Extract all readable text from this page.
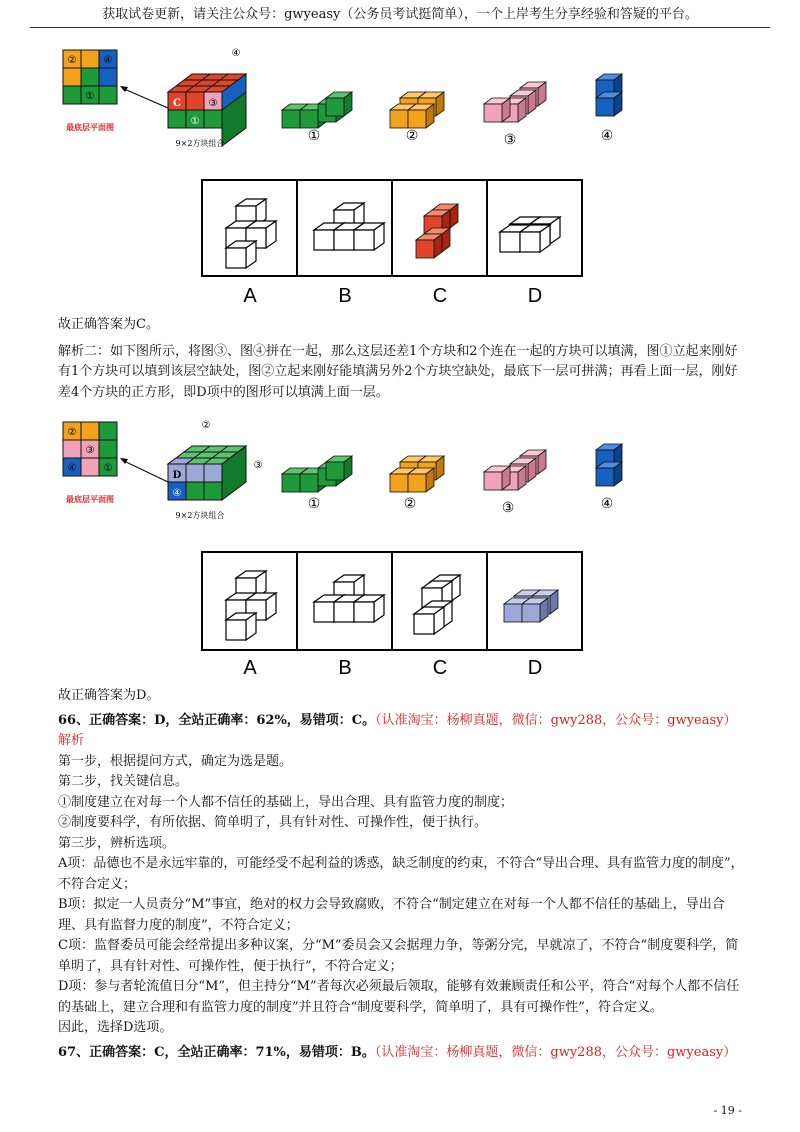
获取试卷更新，请关注公众号：gwyeasy（公务员考试挺简单），一个上岸考生分享经验和答疑的平台。
②	④
①
最底层平面图
④
C	③
①
9×2方块组合	①	②	③	④
A	B	C	D

故正确答案为C。

解析二：如下图所示，将图③、图④拼在一起，那么这层还差1个方块和2个连在一起的方块可以填满，图①立起来刚好有1个方块可以填到该层空缺处，图②立起来刚好能填满另外2个方块空缺处，最底下一层可拼满；再看上面一层，刚好差4个方块的正方形，即D项中的图形可以填满上面一层。

②
③
④	①
最底层平面图
②
③
D
④
9×2方块组合
①	②	③	④
A	B	C	D

故正确答案为D。

66、正确答案：D，全站正确率：62%，易错项：C。（认准淘宝：杨柳真题，微信：gwy288，公众号：gwyeasy）

解析

第一步，根据提问方式，确定为选是题。

第二步，找关键信息。

①制度建立在对每一个人都不信任的基础上，导出合理、具有监管力度的制度；

②制度要科学，有所依据、简单明了，具有针对性、可操作性，便于执行。

第三步，辨析选项。

A项：品德也不是永远牢靠的，可能经受不起利益的诱惑，缺乏制度的约束，不符合“导出合理、具有监管力度的制度”，不符合定义；

B项：拟定一人员责分“M”事宜，绝对的权力会导致腐败，不符合“制定建立在对每一个人都不信任的基础上，导出合理、具有监督力度的制度”，不符合定义；

C项：监督委员可能会经常提出多种议案，分“M”委员会又会据理力争，等粥分完，早就凉了，不符合“制度要科学，简单明了，具有针对性、可操作性，便于执行”，不符合定义；

D项：参与者轮流值日分“M”，但主持分“M”者每次必须最后领取，能够有效兼顾责任和公平，符合“对每个人都不信任的基础上，建立合理和有监管力度的制度”并且符合“制度要科学，简单明了，具有可操作性”，符合定义。

因此，选择D选项。

67、正确答案：C，全站正确率：71%，易错项：B。（认准淘宝：杨柳真题，微信：gwy288，公众号：gwyeasy）

- 19 -
